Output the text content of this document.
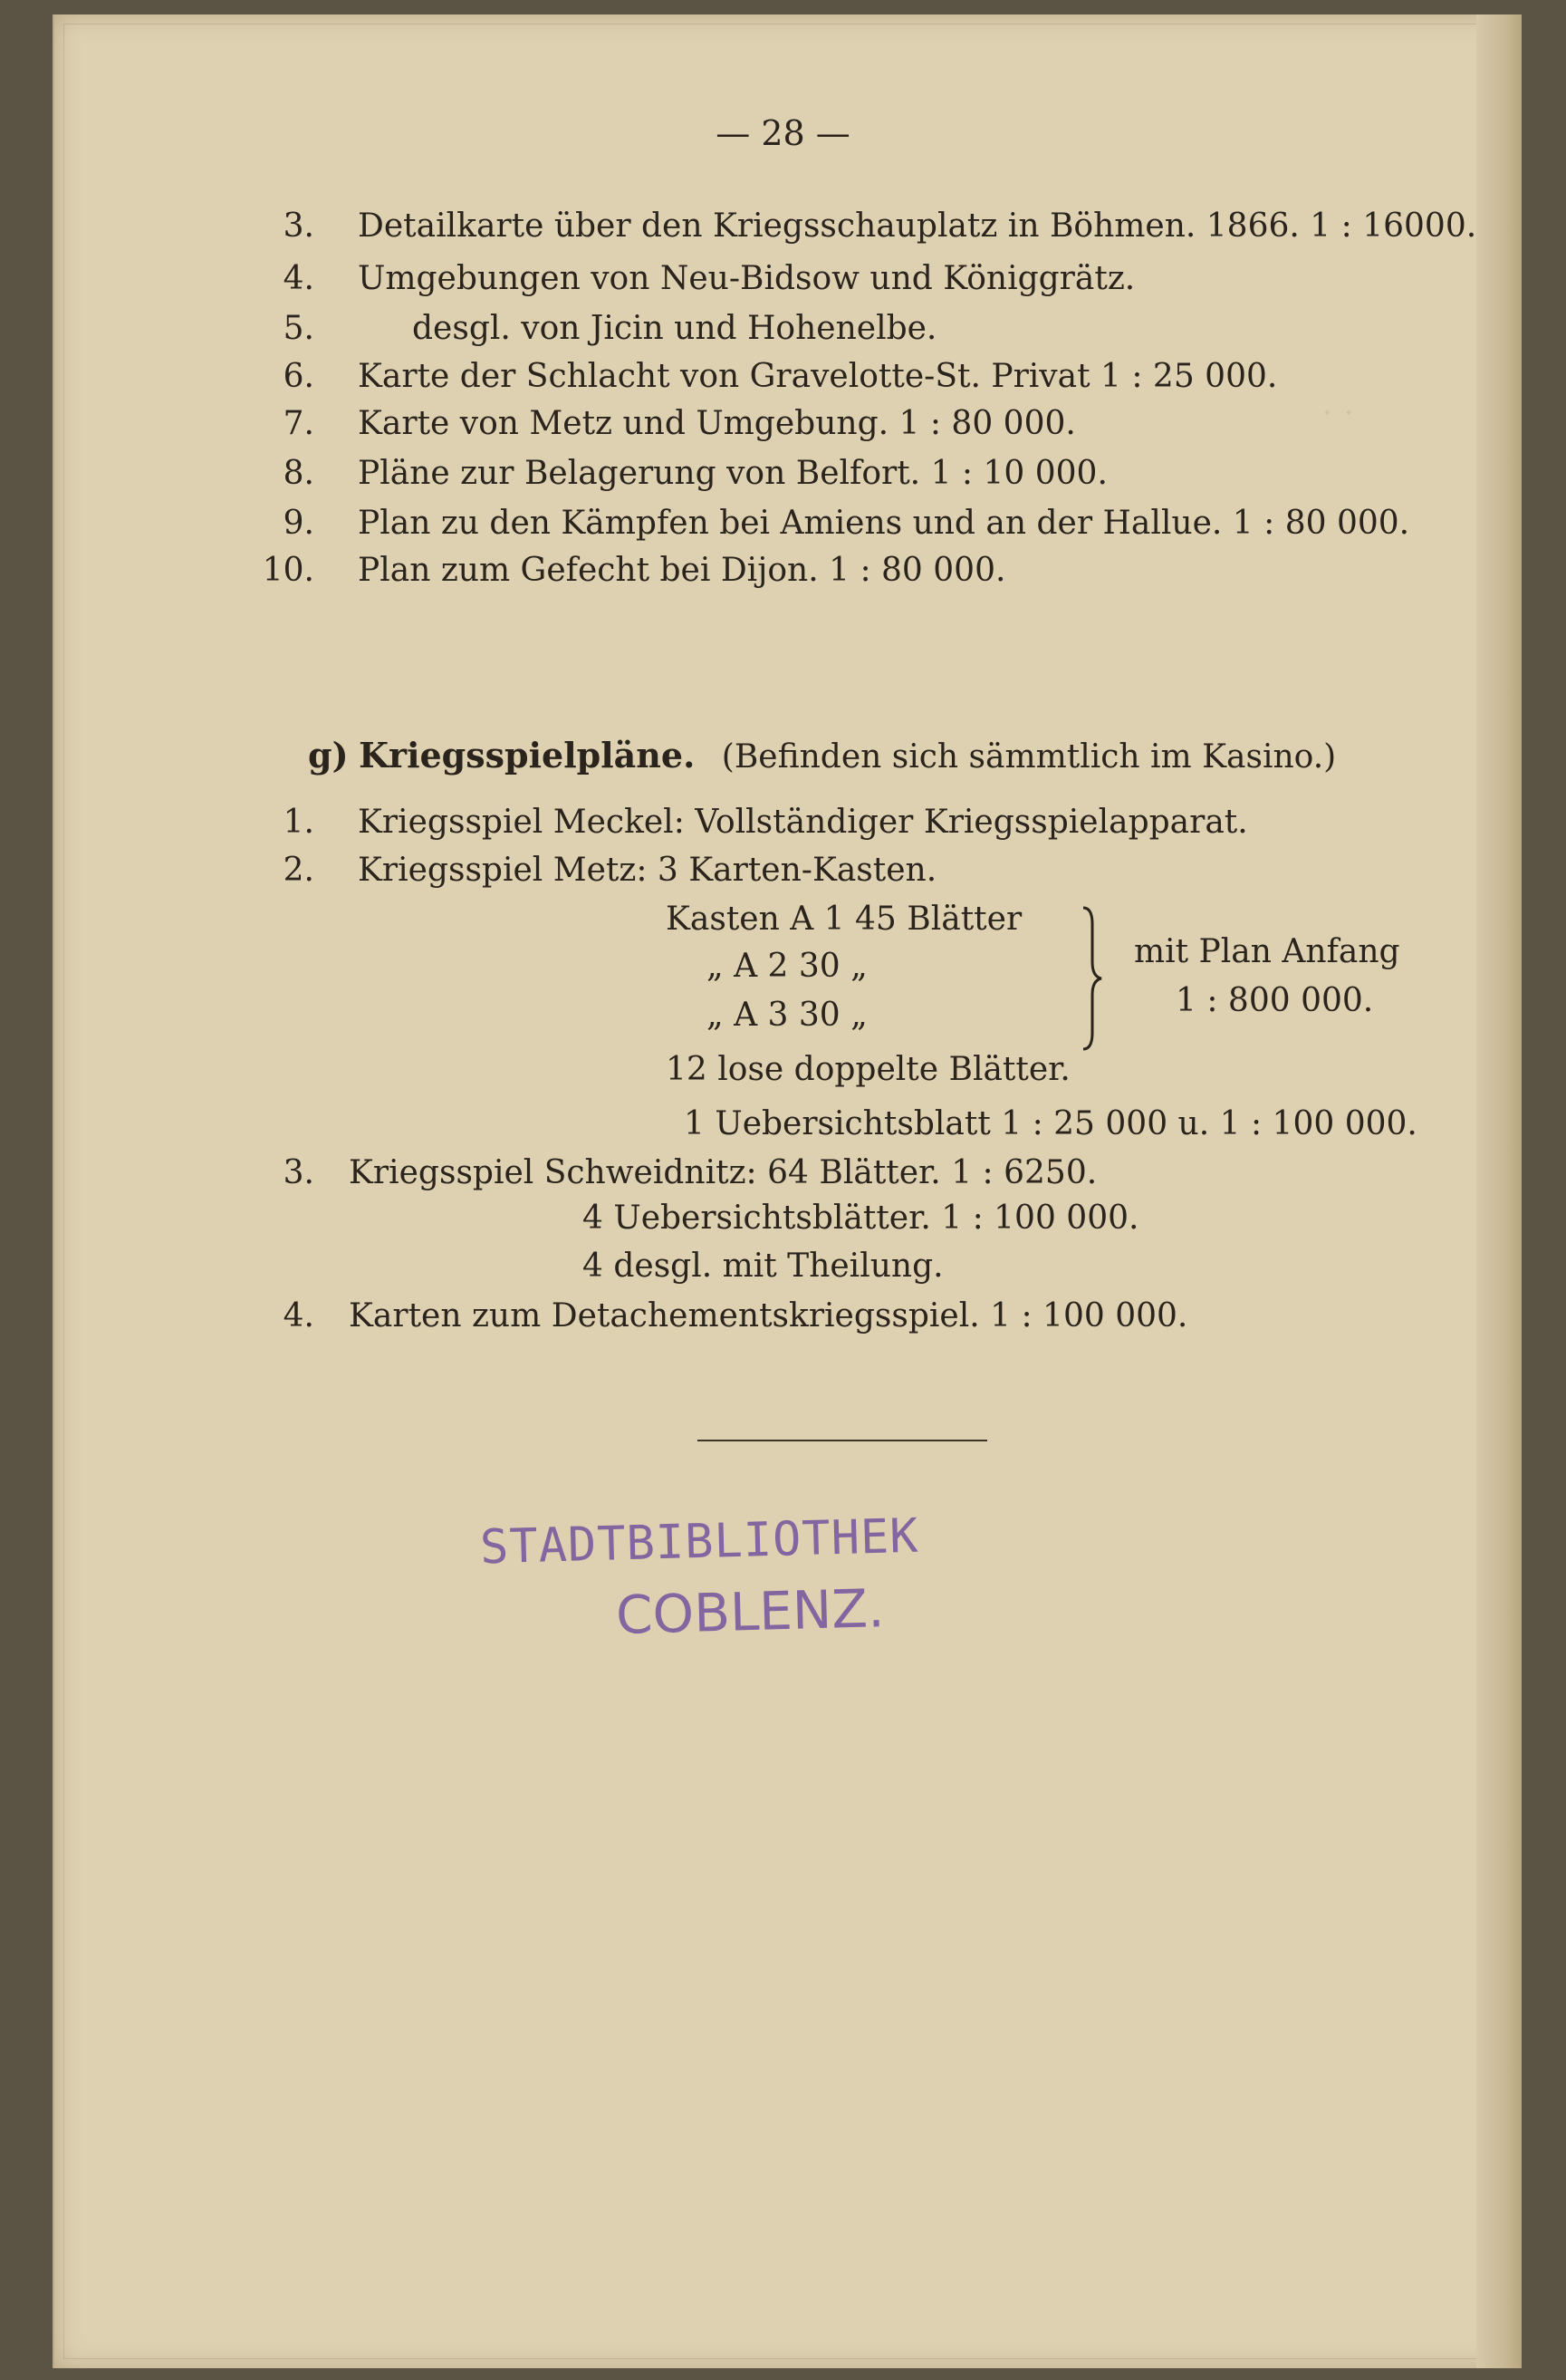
· ·
— 28 —
3. Detailkarte über den Kriegsschauplatz in Böhmen. 1866. 1 : 16000.
4. Umgebungen von Neu-Bidsow und Königgrätz.
5.	desgl. von Jicin und Hohenelbe.
6. Karte der Schlacht von Gravelotte-St. Privat 1 : 25 000.
7. Karte von Metz und Umgebung. 1 : 80 000.
8. Pläne zur Belagerung von Belfort. 1 : 10 000.
9. Plan zu den Kämpfen bei Amiens und an der Hallue. 1 : 80 000.
10. Plan zum Gefecht bei Dijon. 1 : 80 000.
g) Kriegsspielpläne. (Befinden sich sämmtlich im Kasino.)
1. Kriegsspiel Meckel: Vollständiger Kriegsspielapparat.
2. Kriegsspiel Metz: 3 Karten-Kasten.
Kasten A 1 45 Blätter
„ A 2 30 „
„ A 3 30 „
mit Plan Anfang
1 : 800 000.
12 lose doppelte Blätter.
1 Uebersichtsblatt 1 : 25 000 u. 1 : 100 000.
3. Kriegsspiel Schweidnitz: 64 Blätter. 1 : 6250.
4 Uebersichtsblätter. 1 : 100 000.
4 desgl. mit Theilung.
4. Karten zum Detachementskriegsspiel. 1 : 100 000.
STADTBIBLIOTHEK
COBLENZ.
